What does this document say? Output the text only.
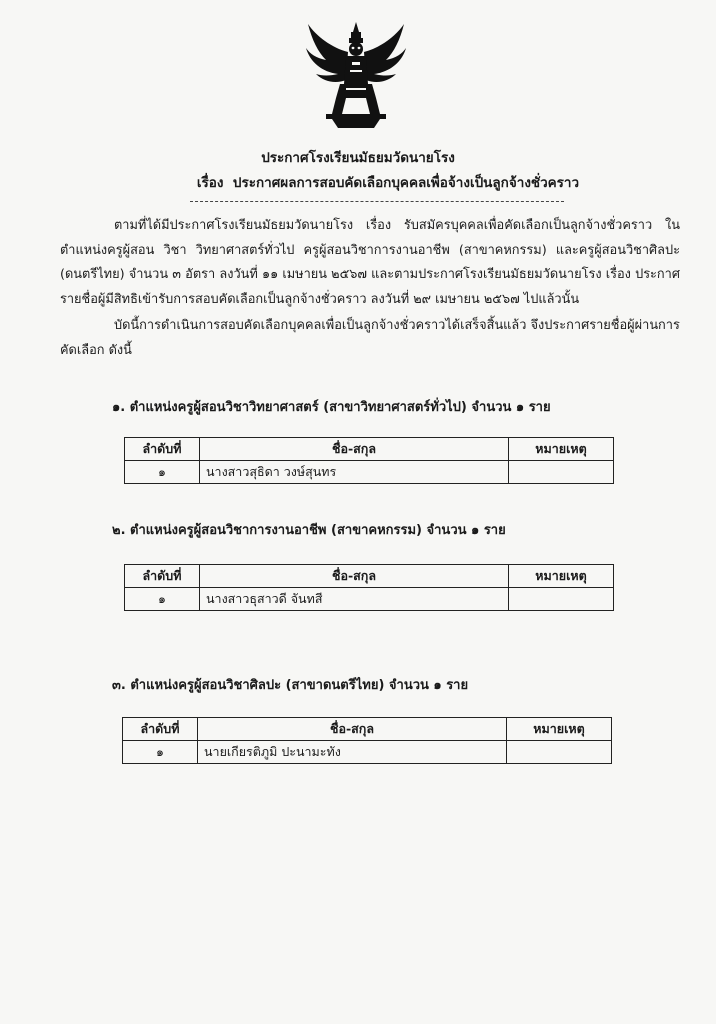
ประกาศโรงเรียนมัธยมวัดนายโรง
เรื่อง ประกาศผลการสอบคัดเลือกบุคคลเพื่อจ้างเป็นลูกจ้างชั่วคราว
ตามที่ได้มีประกาศโรงเรียนมัธยมวัดนายโรง เรื่อง รับสมัครบุคคลเพื่อคัดเลือกเป็นลูกจ้างชั่วคราว ในตำแหน่งครูผู้สอน วิชา วิทยาศาสตร์ทั่วไป ครูผู้สอนวิชาการงานอาชีพ (สาขาคหกรรม) และครูผู้สอนวิชาศิลปะ (ดนตรีไทย) จำนวน ๓ อัตรา ลงวันที่ ๑๑ เมษายน ๒๕๖๗ และตามประกาศโรงเรียนมัธยมวัดนายโรง เรื่อง ประกาศรายชื่อผู้มีสิทธิเข้ารับการสอบคัดเลือกเป็นลูกจ้างชั่วคราว ลงวันที่ ๒๙ เมษายน ๒๕๖๗ ไปแล้วนั้น
บัดนี้การดำเนินการสอบคัดเลือกบุคคลเพื่อเป็นลูกจ้างชั่วคราวได้เสร็จสิ้นแล้ว จึงประกาศรายชื่อผู้ผ่านการคัดเลือก ดังนี้
๑. ตำแหน่งครูผู้สอนวิชาวิทยาศาสตร์ (สาขาวิทยาศาสตร์ทั่วไป) จำนวน ๑ ราย
ลำดับที่	ชื่อ-สกุล	หมายเหตุ
๑	นางสาวสุธิดา วงษ์สุนทร	
๒. ตำแหน่งครูผู้สอนวิชาการงานอาชีพ (สาขาคหกรรม) จำนวน ๑ ราย
ลำดับที่	ชื่อ-สกุล	หมายเหตุ
๑	นางสาวธุสาวดี จันทสี	
๓. ตำแหน่งครูผู้สอนวิชาศิลปะ (สาขาดนตรีไทย) จำนวน ๑ ราย
ลำดับที่	ชื่อ-สกุล	หมายเหตุ
๑	นายเกียรติภูมิ ปะนามะทัง	
